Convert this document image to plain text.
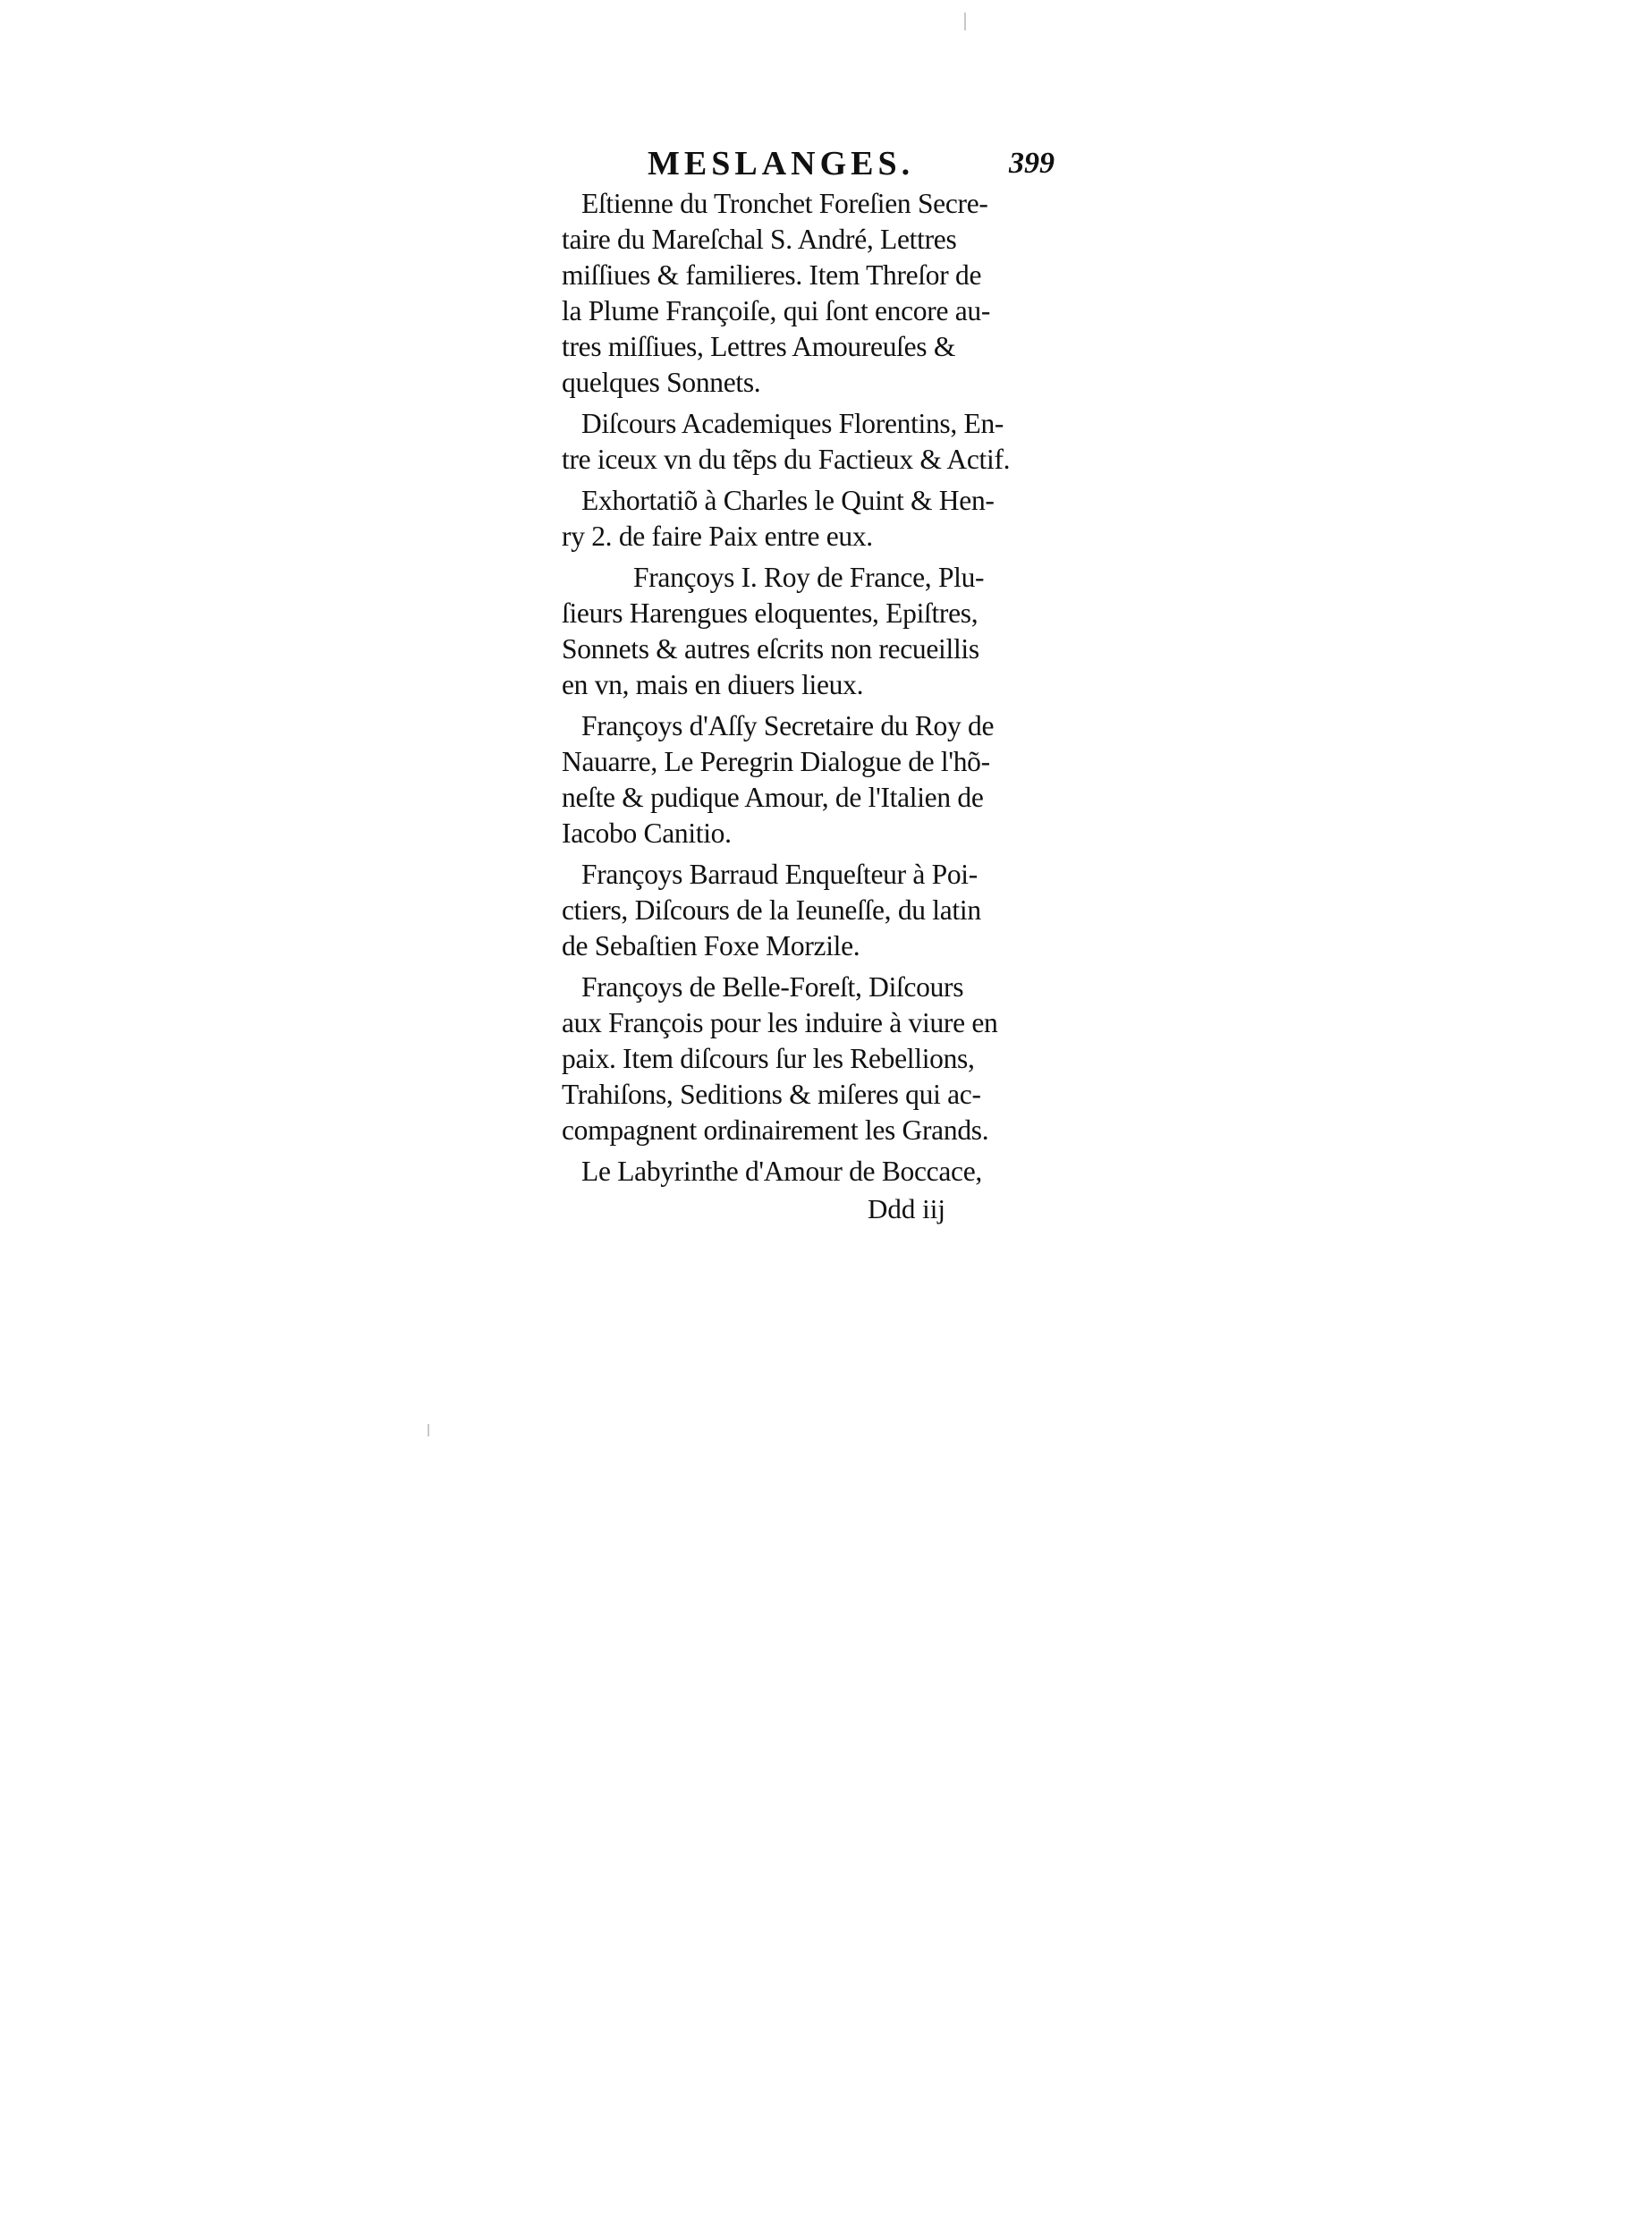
MESLANGES.	399
Eſtienne du Tronchet Foreſien Secre-
taire du Mareſchal S. André, Lettres
miſſiues & familieres. Item Threſor de
la Plume Françoiſe, qui ſont encore au-
tres miſſiues, Lettres Amoureuſes &
quelques Sonnets.
Diſcours Academiques Florentins, En-
tre iceux vn du tẽps du Factieux & Actif.
Exhortatiõ à Charles le Quint & Hen-
ry 2. de faire Paix entre eux.
Françoys I. Roy de France, Plu-
ſieurs Harengues eloquentes, Epiſtres,
Sonnets & autres eſcrits non recueillis
en vn, mais en diuers lieux.
Françoys d'Aſſy Secretaire du Roy de
Nauarre, Le Peregrin Dialogue de l'hõ-
neſte & pudique Amour, de l'Italien de
Iacobo Canitio.
Françoys Barraud Enqueſteur à Poi-
ctiers, Diſcours de la Ieuneſſe, du latin
de Sebaſtien Foxe Morzile.
Françoys de Belle-Foreſt, Diſcours
aux François pour les induire à viure en
paix. Item diſcours ſur les Rebellions,
Trahiſons, Seditions & miſeres qui ac-
compagnent ordinairement les Grands.
Le Labyrinthe d'Amour de Boccace,
Ddd iij
